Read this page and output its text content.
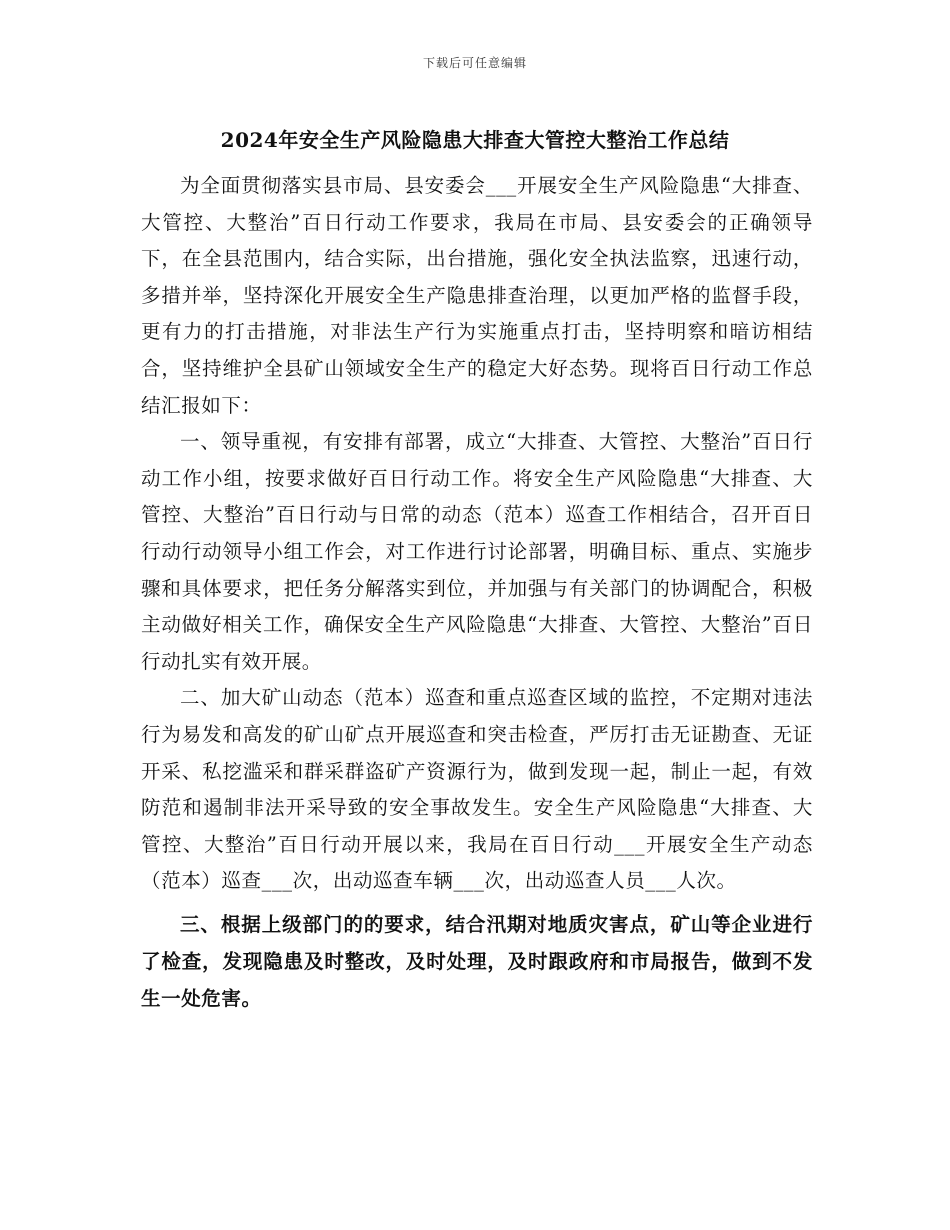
下载后可任意编辑
2024年安全生产风险隐患大排查大管控大整治工作总结

为全面贯彻落实县市局、县安委会___开展安全生产风险隐患“大排查、大管控、大整治”百日行动工作要求，我局在市局、县安委会的正确领导下，在全县范围内，结合实际，出台措施，强化安全执法监察，迅速行动，多措并举，坚持深化开展安全生产隐患排查治理，以更加严格的监督手段，更有力的打击措施，对非法生产行为实施重点打击，坚持明察和暗访相结合，坚持维护全县矿山领域安全生产的稳定大好态势。现将百日行动工作总结汇报如下：

一、领导重视，有安排有部署，成立“大排查、大管控、大整治”百日行动工作小组，按要求做好百日行动工作。将安全生产风险隐患“大排查、大管控、大整治”百日行动与日常的动态（范本）巡查工作相结合，召开百日行动行动领导小组工作会，对工作进行讨论部署，明确目标、重点、实施步骤和具体要求，把任务分解落实到位，并加强与有关部门的协调配合，积极主动做好相关工作，确保安全生产风险隐患“大排查、大管控、大整治”百日行动扎实有效开展。

二、加大矿山动态（范本）巡查和重点巡查区域的监控，不定期对违法行为易发和高发的矿山矿点开展巡查和突击检查，严厉打击无证勘查、无证开采、私挖滥采和群采群盗矿产资源行为，做到发现一起，制止一起，有效防范和遏制非法开采导致的安全事故发生。安全生产风险隐患“大排查、大管控、大整治”百日行动开展以来，我局在百日行动___开展安全生产动态（范本）巡查___次，出动巡查车辆___次，出动巡查人员___人次。

三、根据上级部门的的要求，结合汛期对地质灾害点，矿山等企业进行了检查，发现隐患及时整改，及时处理，及时跟政府和市局报告，做到不发生一处危害。
